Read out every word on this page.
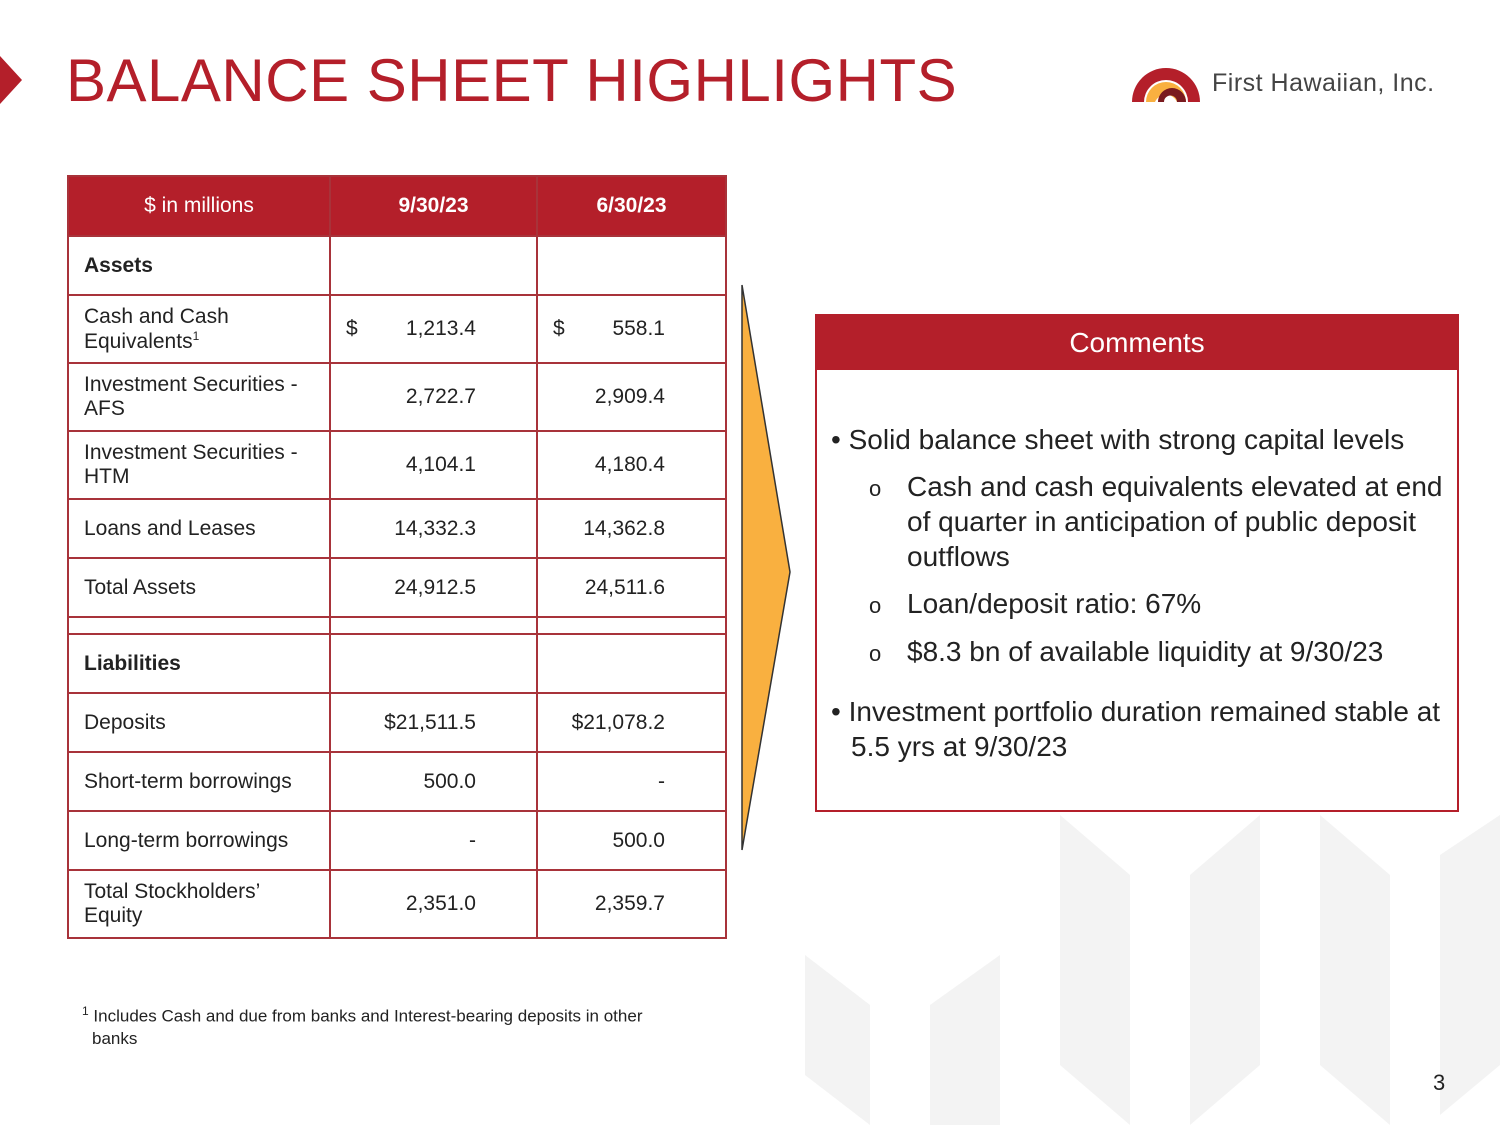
BALANCE SHEET HIGHLIGHTS	First Hawaiian, Inc.
$ in millions	9/30/23	6/30/23
Assets		
Cash and Cash Equivalents$^1$	$ 1,213.4	$ 558.1
Investment Securities - AFS	2,722.7	2,909.4
Investment Securities - HTM	4,104.1	4,180.4
Loans and Leases	14,332.3	14,362.8
Total Assets	24,912.5	24,511.6

Liabilities		
Deposits	$21,511.5	$21,078.2
Short-term borrowings	500.0	-
Long-term borrowings	-	500.0
Total Stockholders’ Equity	2,351.0	2,359.7
$^1$ Includes Cash and due from banks and Interest-bearing deposits in other
banks
Comments
• Solid balance sheet with strong capital levels
o Cash and cash equivalents elevated at end of quarter in anticipation of public deposit outflows
o Loan/deposit ratio: 67%
o $8.3 bn of available liquidity at 9/30/23
• Investment portfolio duration remained stable at 5.5 yrs at 9/30/23
3
